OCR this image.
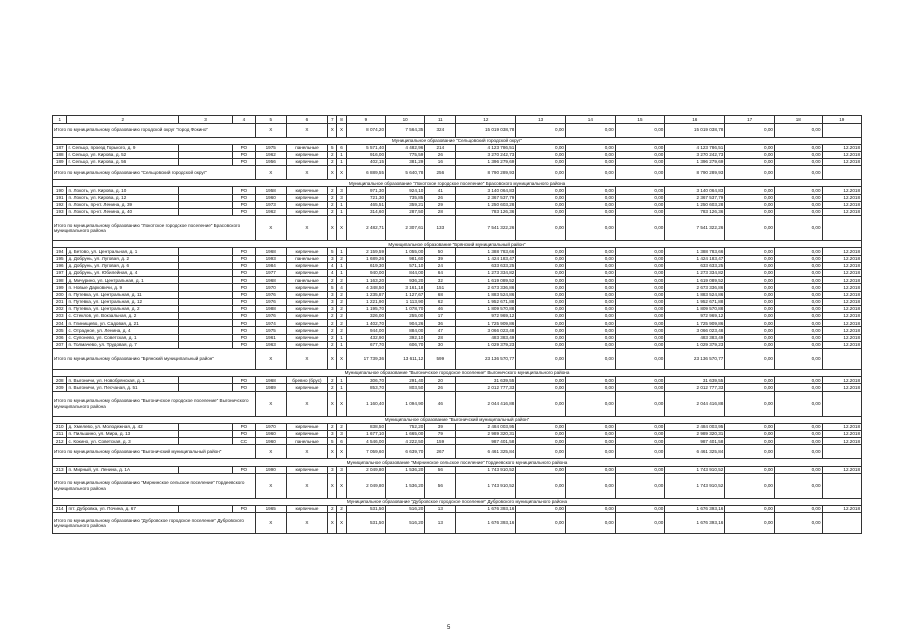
1	2	3	4	5	6	7	8	9	10	11	12	13	14	15	16	17	18	19
Итого по муниципальному образованию городской округ "город Фокино"				X	X	X	X	8 074,20	7 564,35	324	15 019 038,78	0,00	0,00	0,00	15 019 038,78	0,00	0,00	
Муниципальное образование "Сельцовский городской округ"																		
187	г. Сельцо, проезд Горького, д. 9		РО	1975	панельные	5	6	5 571,40	4 482,96	214	4 123 786,51	0,00	0,00	0,00	4 123 786,51	0,00	0,00	12.2018
188	г. Сельцо, ул. Кирова, д. 52		РО	1962	кирпичные	2	1	916,00	775,59	26	3 270 242,73	0,00	0,00	0,00	3 270 242,73	0,00	0,00	12.2018
189	г. Сельцо, ул. Кирова, д. 56		РО	1956	кирпичные	2	1	402,15	381,29	16	1 396 279,69	0,00	0,00	0,00	1 396 279,69	0,00	0,00	12.2018
Итого по муниципальному образованию "Сельцовский городской округ"				X	X	X	X	6 889,55	5 640,78	256	8 790 289,93	0,00	0,00	0,00	8 790 289,93	0,00	0,00	
Муниципальное образование "Локотское городское поселение" Брасовского муниципального района																		
190	п. Локоть, ул. Кирова, д. 10		РО	1958	кирпичные	2	3	971,30	924,10	41	3 140 064,83	0,00	0,00	0,00	3 140 064,83	0,00	0,00	12.2018
191	п. Локоть, ул. Кирова, д. 12		РО	1960	кирпичные	2	3	721,30	735,85	26	2 367 537,79	0,00	0,00	0,00	2 367 537,79	0,00	0,00	12.2018
192	п. Локоть, пр-кт. Ленина, д. 39		РО	1973	кирпичные	2	1	465,51	359,21	29	1 250 603,28	0,00	0,00	0,00	1 250 603,28	0,00	0,00	12.2018
193	п. Локоть, пр-кт. Ленина, д. 40		РО	1962	кирпичные	2	1	314,60	287,50	28	783 126,36	0,00	0,00	0,00	783 126,36	0,00	0,00	12.2018
Итого по муниципальному образованию "Локотское городское поселение" Брасовского муниципального района				X	X	X	X	2 482,71	2 307,61	133	7 541 322,26	0,00	0,00	0,00	7 541 322,26	0,00	0,00	
Муниципальное образование "Брянский муниципальный район"																		
194	д. Бетово, ул. Центральная, д. 1		РО	1968	кирпичные	5	1	2 159,59	1 055,00	50	1 388 783,66	0,00	0,00	0,00	1 388 783,66	0,00	0,00	12.2018
195	д. Добрунь, ул. Луговая, д. 2		РО	1993	панельные	3	2	1 689,26	981,60	39	1 424 183,47	0,00	0,00	0,00	1 424 183,47	0,00	0,00	12.2018
196	д. Добрунь, ул. Луговая, д. 6		РО	1984	кирпичные	4	1	619,30	571,10	24	633 633,25	0,00	0,00	0,00	633 633,25	0,00	0,00	12.2018
197	д. Добрунь, ул. Юбилейная, д. 4		РО	1977	кирпичные	4	1	940,00	844,00	64	1 273 334,82	0,00	0,00	0,00	1 273 334,82	0,00	0,00	12.2018
198	д. Мичурино, ул. Центральная, д. 1		РО	1968	панельные	2	2	1 163,20	936,20	32	1 619 089,52	0,00	0,00	0,00	1 619 089,52	0,00	0,00	12.2018
199	п. Новые Дарковичи, д. 9		РО	1970	кирпичные	5	4	4 348,50	3 161,18	151	2 673 336,86	0,00	0,00	0,00	2 673 336,86	0,00	0,00	12.2018
200	п. Путевка, ул. Центральная, д. 11		РО	1976	кирпичные	3	2	1 235,87	1 127,67	68	1 883 524,86	0,00	0,00	0,00	1 883 524,86	0,00	0,00	12.2018
201	п. Путевка, ул. Центральная, д. 12		РО	1976	кирпичные	3	2	1 221,90	1 113,90	62	1 952 671,88	0,00	0,00	0,00	1 952 671,88	0,00	0,00	12.2018
202	п. Путевка, ул. Центральная, д. 2		РО	1988	кирпичные	3	2	1 195,70	1 078,70	46	1 809 570,88	0,00	0,00	0,00	1 809 570,88	0,00	0,00	12.2018
203	с. Стеклов, ул. Вокзальная, д. 2		РО	1976	кирпичные	2	2	326,00	255,00	17	972 969,12	0,00	0,00	0,00	972 969,12	0,00	0,00	12.2018
204	п. Глинищево, ул. Садовая, д. 21		РО	1974	кирпичные	2	2	1 402,70	904,26	36	1 725 909,86	0,00	0,00	0,00	1 725 909,86	0,00	0,00	12.2018
205	с. Отрадное, ул. Ленина, д. 4		РО	1975	кирпичные	2	2	944,00	884,00	47	3 066 023,48	0,00	0,00	0,00	3 066 023,48	0,00	0,00	12.2018
206	с. Супонево, ул. Советская, д. 1		РО	1961	кирпичные	2	1	432,90	392,10	28	483 383,49	0,00	0,00	0,00	483 383,49	0,00	0,00	12.2018
207	п. Толмачево, ул. Трудовая, д. 7		РО	1963	кирпичные	2	1	677,70	606,70	30	1 029 379,23	0,00	0,00	0,00	1 029 379,23	0,00	0,00	12.2018
Итого по муниципальному образованию "Брянский муниципальный район"				X	X	X	X	17 739,36	13 611,12	599	23 136 570,77	0,00	0,00	0,00	23 136 570,77	0,00	0,00	
Муниципальное образование "Выгоничское городское поселение" Выгоничского муниципального района																		
208	п. Выгоничи, ул. Новобрянская, д. 1		РО	1968	бревно (брус)	2	1	306,70	291,40	20	31 639,55	0,00	0,00	0,00	31 639,55	0,00	0,00	12.2018
209	п. Выгоничи, ул. Песчаная, д. 51		РО	1989	кирпичные	2	1	853,70	803,50	26	2 012 777,33	0,00	0,00	0,00	2 012 777,33	0,00	0,00	12.2018
Итого по муниципальному образованию "Выгоничское городское поселение" Выгоничского муниципального района				X	X	X	X	1 160,40	1 094,90	46	2 044 416,88	0,00	0,00	0,00	2 044 416,88	0,00	0,00	
Муниципальное образование "Выгоничский муниципальный район"																		
210	д. Хмелево, ул. Молодежная, д. 42		РО	1970	кирпичные	2	2	838,50	752,20	39	2 484 003,95	0,00	0,00	0,00	2 484 003,95	0,00	0,00	12.2018
211	п. Пильшино, ул. Мира, д. 13		РО	1960	кирпичные	3	3	1 677,10	1 665,00	79	2 989 320,31	0,00	0,00	0,00	2 989 320,31	0,00	0,00	12.2018
212	с. Кокино, ул. Советская, д. 3		СС	1960	панельные	5	6	4 546,00	4 222,50	159	987 401,58	0,00	0,00	0,00	987 401,58	0,00	0,00	12.2018
Итого по муниципальному образованию "Выгоничский муниципальный район"				X	X	X	X	7 059,60	6 639,70	267	6 461 325,84	0,00	0,00	0,00	6 461 325,84	0,00	0,00	
Муниципальное образование "Мирнинское сельское поселение" Гордеевского муниципального района																		
213	п. Мирный, ул. Ленина, д. 1А		РО	1990	кирпичные	3	3	2 049,80	1 536,20	56	1 743 910,52	0,00	0,00	0,00	1 743 910,52	0,00	0,00	12.2018
Итого по муниципальному образованию "Мирнинское сельское поселение" Гордеевского муниципального района				X	X	X	X	2 049,80	1 536,20	56	1 743 910,52	0,00	0,00	0,00	1 743 910,52	0,00	0,00	
Муниципальное образование "Дубровское городское поселение" Дубровского муниципального района																		
214	пгт. Дубровка, ул. Почина, д. 67		РО	1965	кирпичные	2	2	531,50	516,20	13	1 676 393,16	0,00	0,00	0,00	1 676 393,16	0,00	0,00	12.2018
Итого по муниципальному образованию "Дубровское городское поселение" Дубровского муниципального района				X	X	X	X	531,50	516,20	13	1 676 393,16	0,00	0,00	0,00	1 676 393,16	0,00	0,00	
5
